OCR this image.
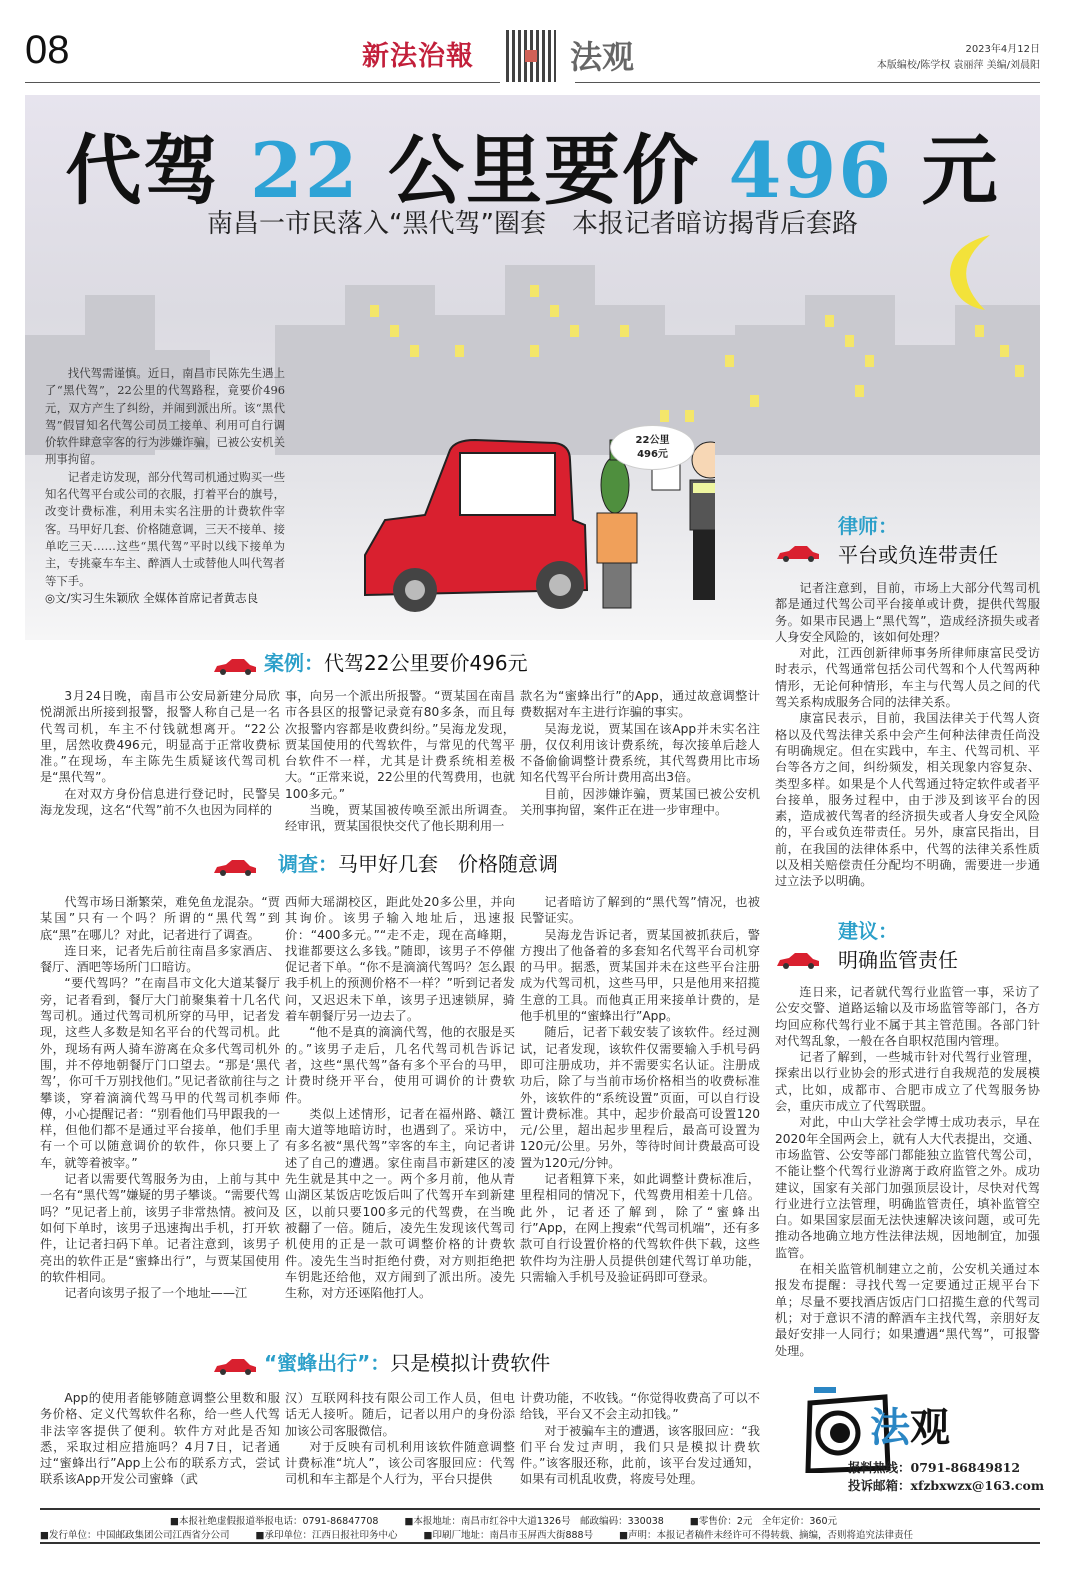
08	新法治報	法观	2023年4月12日
本版编校/陈学权 袁丽萍 美编/刘晨阳
代驾 22 公里要价 496 元
南昌一市民落入“黑代驾”圈套　本报记者暗访揭背后套路

找代驾需谨慎。近日，南昌市民陈先生遇上了“黑代驾”，22公里的代驾路程，竟要价496元，双方产生了纠纷，并闹到派出所。该“黑代驾”假冒知名代驾公司员工接单、利用可自行调价软件肆意宰客的行为涉嫌诈骗，已被公安机关刑事拘留。

记者走访发现，部分代驾司机通过购买一些知名代驾平台或公司的衣服，打着平台的旗号，改变计费标准，利用未实名注册的计费软件宰客。马甲好几套、价格随意调，三天不接单、接单吃三天……这些“黑代驾”平时以线下接单为主，专挑豪车车主、醉酒人士或替他人叫代驾者等下手。

◎文/实习生朱颖欣 全媒体首席记者黄志良
22公里
496元
案例： 代驾22公里要价496元

3月24日晚，南昌市公安局新建分局欣悦湖派出所接到报警，报警人称自己是一名代驾司机，车主不付钱就想离开。“22公里，居然收费496元，明显高于正常收费标准。”在现场，车主陈先生质疑该代驾司机是“黑代驾”。

在对双方身份信息进行登记时，民警吴海龙发现，这名“代驾”前不久也因为同样的

事，向另一个派出所报警。“贾某国在南昌市各县区的报警记录竟有80多条，而且每次报警内容都是收费纠纷。”吴海龙发现，贾某国使用的代驾软件，与常见的代驾平台软件不一样，尤其是计费系统相差极大。“正常来说，22公里的代驾费用，也就100多元。”

当晚，贾某国被传唤至派出所调查。经审讯，贾某国很快交代了他长期利用一

款名为“蜜蜂出行”的App，通过故意调整计费数据对车主进行诈骗的事实。

吴海龙说，贾某国在该App并未实名注册，仅仅利用该计费系统，每次接单后趁人不备偷偷调整计费系统，其代驾费用比市场知名代驾平台所计费用高出3倍。

目前，因涉嫌诈骗，贾某国已被公安机关刑事拘留，案件正在进一步审理中。

调查： 马甲好几套　价格随意调

代驾市场日渐繁荣，难免鱼龙混杂。“贾某国”只有一个吗？所谓的“黑代驾”到底“黑”在哪儿？对此，记者进行了调查。

连日来，记者先后前往南昌多家酒店、餐厅、酒吧等场所门口暗访。

“要代驾吗？”在南昌市文化大道某餐厅旁，记者看到，餐厅大门前聚集着十几名代驾司机。通过代驾司机所穿的马甲，记者发现，这些人多数是知名平台的代驾司机。此外，现场有两人骑车游离在众多代驾司机外围，并不停地朝餐厅门口望去。“那是‘黑代驾’，你可千万别找他们。”见记者欲前往与之攀谈，穿着滴滴代驾马甲的代驾司机李师傅，小心提醒记者：“别看他们马甲跟我的一样，但他们都不是通过平台接单，他们手里有一个可以随意调价的软件，你只要上了车，就等着被宰。”

记者以需要代驾服务为由，上前与其中一名有“黑代驾”嫌疑的男子攀谈。“需要代驾吗？”见记者上前，该男子非常热情。被问及如何下单时，该男子迅速掏出手机，打开软件，让记者扫码下单。记者注意到，该男子亮出的软件正是“蜜蜂出行”，与贾某国使用的软件相同。

记者向该男子报了一个地址——江

西师大瑶湖校区，距此处20多公里，并向其询价。该男子输入地址后，迅速报价：“400多元。”“走不走，现在高峰期，找谁都要这么多钱。”随即，该男子不停催促记者下单。“你不是滴滴代驾吗？怎么跟我手机上的预测价格不一样？”听到记者发问，又迟迟未下单，该男子迅速锁屏，骑着车朝餐厅另一边去了。

“他不是真的滴滴代驾，他的衣服是买的。”该男子走后，几名代驾司机告诉记者，这些“黑代驾”备有多个平台的马甲，计费时绕开平台，使用可调价的计费软件。

类似上述情形，记者在福州路、赣江南大道等地暗访时，也遇到了。采访中，有多名被“黑代驾”宰客的车主，向记者讲述了自己的遭遇。家住南昌市新建区的凌先生就是其中之一。两个多月前，他从青山湖区某饭店吃饭后叫了代驾开车到新建区，以前只要100多元的代驾费，在当晚被翻了一倍。随后，凌先生发现该代驾司机使用的正是一款可调整价格的计费软件。凌先生当时拒绝付费，对方则拒绝把车钥匙还给他，双方闹到了派出所。凌先生称，对方还诬陷他打人。

记者暗访了解到的“黑代驾”情况，也被民警证实。

吴海龙告诉记者，贾某国被抓获后，警方搜出了他备着的多套知名代驾平台司机穿的马甲。据悉，贾某国并未在这些平台注册成为代驾司机，这些马甲，只是他用来招揽生意的工具。而他真正用来接单计费的，是他手机里的“蜜蜂出行”App。

随后，记者下载安装了该软件。经过测试，记者发现，该软件仅需要输入手机号码即可注册成功，并不需要实名认证。注册成功后，除了与当前市场价格相当的收费标准外，该软件的“系统设置”页面，可以自行设置计费标准。其中，起步价最高可设置120元/公里，超出起步里程后，最高可设置为120元/公里。另外，等待时间计费最高可设置为120元/分钟。

记者粗算下来，如此调整计费标准后，里程相同的情况下，代驾费用相差十几倍。此外，记者还了解到，除了“蜜蜂出行”App，在网上搜索“代驾司机端”，还有多款可自行设置价格的代驾软件供下载，这些软件均为注册人员提供创建代驾订单功能，只需输入手机号及验证码即可登录。

“蜜蜂出行”： 只是模拟计费软件

App的使用者能够随意调整公里数和服务价格、定义代驾软件名称，给一些人代驾非法宰客提供了便利。软件方对此是否知悉，采取过相应措施吗？4月7日，记者通过“蜜蜂出行”App上公布的联系方式，尝试联系该App开发公司蜜蜂（武

汉）互联网科技有限公司工作人员，但电话无人接听。随后，记者以用户的身份添加该公司客服微信。

对于反映有司机利用该软件随意调整计费标准“坑人”，该公司客服回应：代驾司机和车主都是个人行为，平台只提供

计费功能，不收钱。“你觉得收费高了可以不给钱，平台又不会主动扣钱。”

对于被骗车主的遭遇，该客服回应：“我们平台发过声明，我们只是模拟计费软件。”该客服还称，此前，该平台发过通知，如果有司机乱收费，将废号处理。

律师：
平台或负连带责任

记者注意到，目前，市场上大部分代驾司机都是通过代驾公司平台接单或计费，提供代驾服务。如果市民遇上“黑代驾”，造成经济损失或者人身安全风险的，该如何处理？

对此，江西创新律师事务所律师康富民受访时表示，代驾通常包括公司代驾和个人代驾两种情形，无论何种情形，车主与代驾人员之间的代驾关系构成服务合同的法律关系。

康富民表示，目前，我国法律关于代驾人资格以及代驾法律关系中会产生何种法律责任尚没有明确规定。但在实践中，车主、代驾司机、平台等各方之间，纠纷频发，相关现象内容复杂、类型多样。如果是个人代驾通过特定软件或者平台接单，服务过程中，由于涉及到该平台的因素，造成被代驾者的经济损失或者人身安全风险的，平台或负连带责任。另外，康富民指出，目前，在我国的法律体系中，代驾的法律关系性质以及相关赔偿责任分配均不明确，需要进一步通过立法予以明确。

建议：
明确监管责任

连日来，记者就代驾行业监管一事，采访了公安交警、道路运输以及市场监管等部门，各方均回应称代驾行业不属于其主管范围。各部门针对代驾乱象，一般在各自职权范围内管理。

记者了解到，一些城市针对代驾行业管理，探索出以行业协会的形式进行自我规范的发展模式，比如，成都市、合肥市成立了代驾服务协会，重庆市成立了代驾联盟。

对此，中山大学社会学博士成功表示，早在2020年全国两会上，就有人大代表提出，交通、市场监管、公安等部门都能独立监管代驾公司，不能让整个代驾行业游离于政府监管之外。成功建议，国家有关部门加强顶层设计，尽快对代驾行业进行立法管理，明确监管责任，填补监管空白。如果国家层面无法快速解决该问题，或可先推动各地确立地方性法律法规，因地制宜，加强监管。

在相关监管机制建立之前，公安机关通过本报发布提醒：寻找代驾一定要通过正规平台下单；尽量不要找酒店饭店门口招揽生意的代驾司机；对于意识不清的醉酒车主找代驾，亲朋好友最好安排一人同行；如果遭遇“黑代驾”，可报警处理。

法观
报料热线：0791-86849812
投诉邮箱：xfzbxwzx@163.com
■本报社绝虚假报道举报电话：0791-86847708	■本报地址：南昌市红谷中大道1326号　邮政编码：330038	■零售价：2元　全年定价：360元
■发行单位：中国邮政集团公司江西省分公司	■承印单位：江西日报社印务中心	■印刷厂地址：南昌市玉屏西大街888号	■声明：本报记者稿件未经许可不得转载、摘编，否则将追究法律责任
